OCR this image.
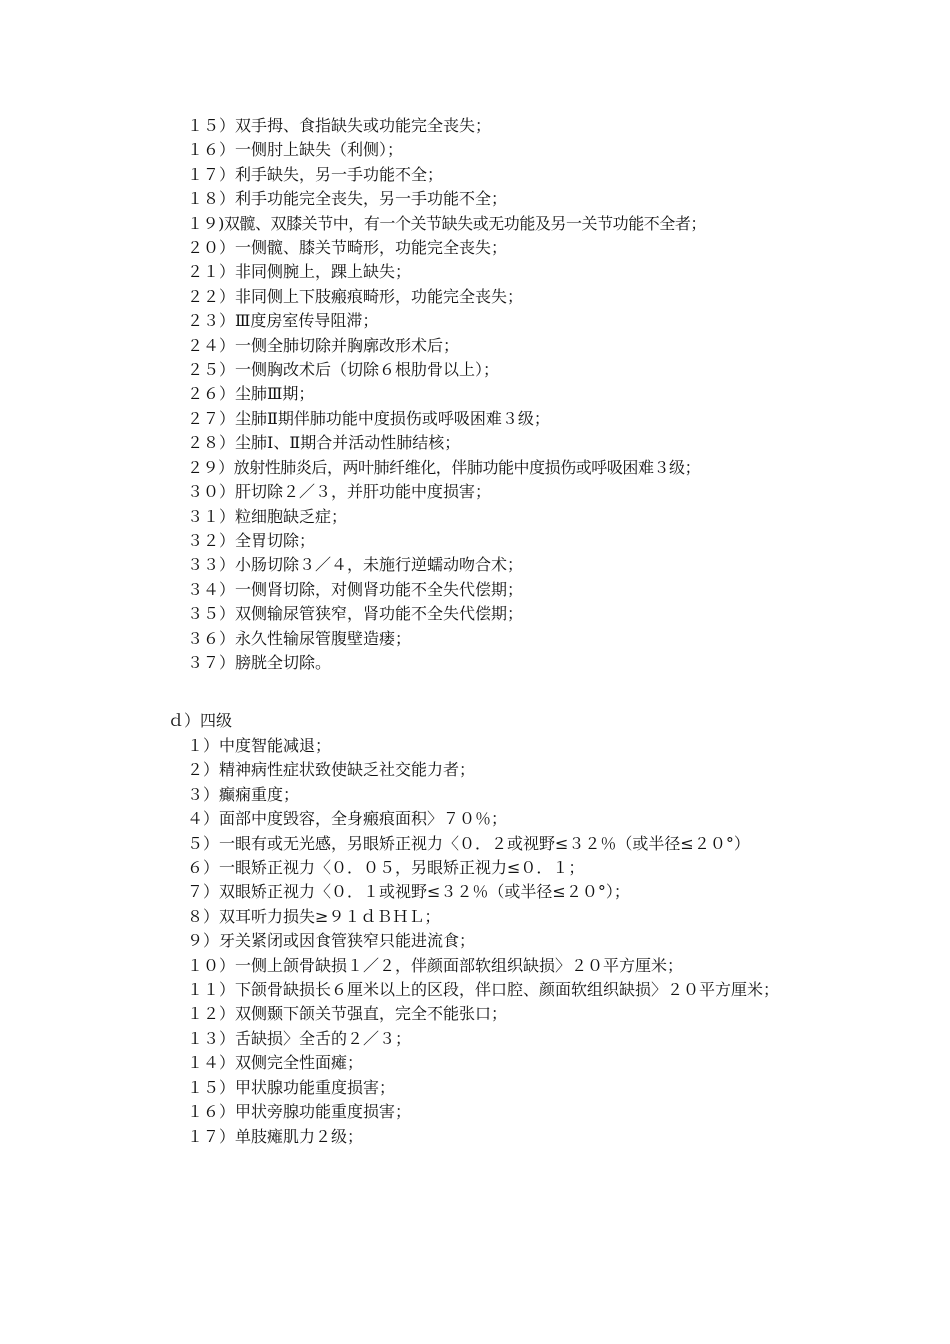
１５）双手拇、食指缺失或功能完全丧失；

１６）一侧肘上缺失（利侧）；

１７）利手缺失，另一手功能不全；

１８）利手功能完全丧失，另一手功能不全；

１９)双髋、双膝关节中，有一个关节缺失或无功能及另一关节功能不全者；

２０）一侧髋、膝关节畸形，功能完全丧失；

２１）非同侧腕上，踝上缺失；

２２）非同侧上下肢瘢痕畸形，功能完全丧失；

２３）Ⅲ度房室传导阻滞；

２４）一侧全肺切除并胸廓改形术后；

２５）一侧胸改术后（切除６根肋骨以上）；

２６）尘肺Ⅲ期；

２７）尘肺Ⅱ期伴肺功能中度损伤或呼吸困难３级；

２８）尘肺Ⅰ、Ⅱ期合并活动性肺结核；

２９）放射性肺炎后，两叶肺纤维化，伴肺功能中度损伤或呼吸困难３级；

３０）肝切除２／３，并肝功能中度损害；

３１）粒细胞缺乏症；

３２）全胃切除；

３３）小肠切除３／４，未施行逆蠕动吻合术；

３４）一侧肾切除，对侧肾功能不全失代偿期；

３５）双侧输尿管狭窄，肾功能不全失代偿期；

３６）永久性输尿管腹壁造瘘；

３７）膀胱全切除。

ｄ）四级

１）中度智能减退；

２）精神病性症状致使缺乏社交能力者；

３）癫痫重度；

４）面部中度毁容，全身瘢痕面积〉７０％；

５）一眼有或无光感，另眼矫正视力〈０．２或视野≤３２％（或半径≤２０°）

６）一眼矫正视力〈０．０５，另眼矫正视力≤０．１；

７）双眼矫正视力〈０．１或视野≤３２％（或半径≤２０°）；

８）双耳听力损失≥９１ｄＢＨＬ；

９）牙关紧闭或因食管狭窄只能进流食；

１０）一侧上颌骨缺损１／２，伴颜面部软组织缺损〉２０平方厘米；

１１）下颌骨缺损长６厘米以上的区段，伴口腔、颜面软组织缺损〉２０平方厘米；

１２）双侧颞下颌关节强直，完全不能张口；

１３）舌缺损〉全舌的２／３；

１４）双侧完全性面瘫；

１５）甲状腺功能重度损害；

１６）甲状旁腺功能重度损害；

１７）单肢瘫肌力２级；
